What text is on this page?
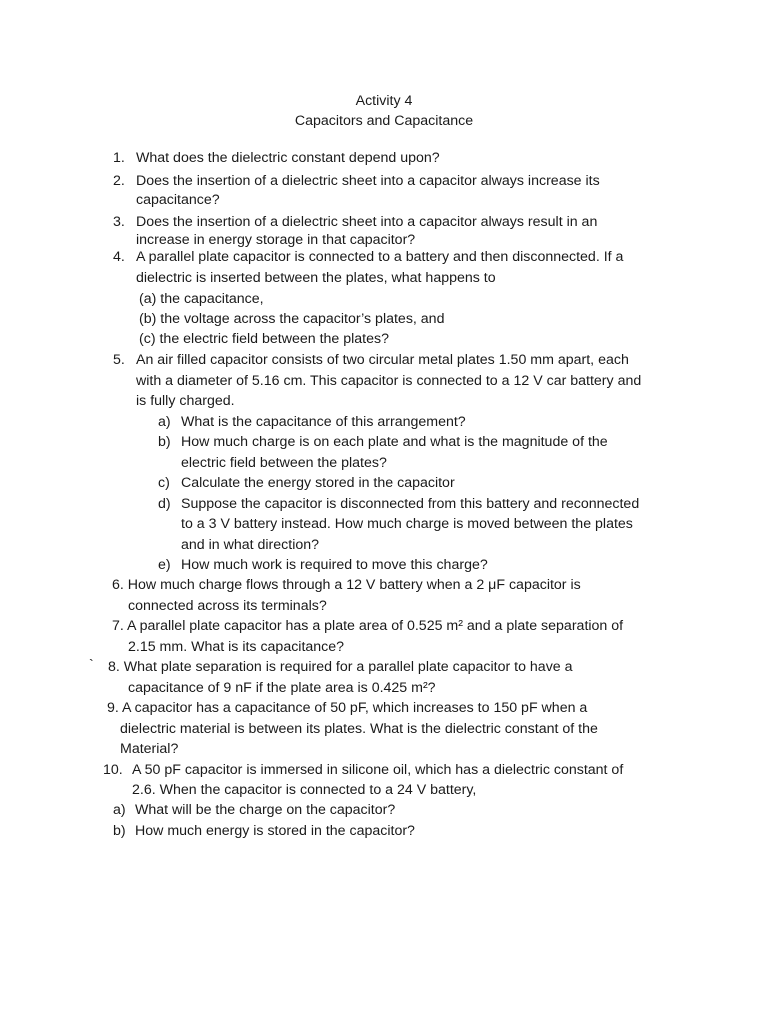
Activity 4
Capacitors and Capacitance
1. What does the dielectric constant depend upon?
2. Does the insertion of a dielectric sheet into a capacitor always increase its
capacitance?
3. Does the insertion of a dielectric sheet into a capacitor always result in an
increase in energy storage in that capacitor?
4. A parallel plate capacitor is connected to a battery and then disconnected. If a
dielectric is inserted between the plates, what happens to
(a) the capacitance,
(b) the voltage across the capacitor’s plates, and
(c) the electric field between the plates?
5. An air filled capacitor consists of two circular metal plates 1.50 mm apart, each
with a diameter of 5.16 cm. This capacitor is connected to a 12 V car battery and
is fully charged.
a) What is the capacitance of this arrangement?
b) How much charge is on each plate and what is the magnitude of the
electric field between the plates?
c) Calculate the energy stored in the capacitor
d) Suppose the capacitor is disconnected from this battery and reconnected
to a 3 V battery instead. How much charge is moved between the plates
and in what direction?
e) How much work is required to move this charge?
6. How much charge flows through a 12 V battery when a 2 μF capacitor is
connected across its terminals?
7. A parallel plate capacitor has a plate area of 0.525 m² and a plate separation of
2.15 mm. What is its capacitance?
` 8. What plate separation is required for a parallel plate capacitor to have a
capacitance of 9 nF if the plate area is 0.425 m²?
9. A capacitor has a capacitance of 50 pF, which increases to 150 pF when a
dielectric material is between its plates. What is the dielectric constant of the
Material?
10. A 50 pF capacitor is immersed in silicone oil, which has a dielectric constant of
2.6. When the capacitor is connected to a 24 V battery,
a) What will be the charge on the capacitor?
b) How much energy is stored in the capacitor?
